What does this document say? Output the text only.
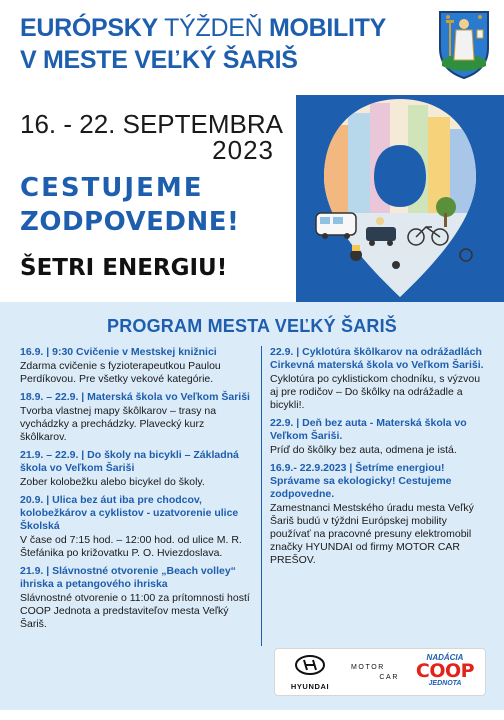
EURÓPSKY TÝŽDEŇ MOBILITY
V MESTE VEĽKÝ ŠARIŠ
16. - 22. SEPTEMBRA
2023
CESTUJEME
ZODPOVEDNE!
ŠETRI ENERGIU!
PROGRAM MESTA VEĽKÝ ŠARIŠ
16.9. | 9:30 Cvičenie v Mestskej knižnici
Zdarma cvičenie s fyzioterapeutkou Paulou Perdíkovou. Pre všetky vekové kategórie.
18.9. – 22.9. | Materská škola vo Veľkom Šariši
Tvorba vlastnej mapy škôlkarov – trasy na vychádzky a prechádzky. Plavecký kurz škôlkarov.
21.9. – 22.9. | Do školy na bicykli – Základná škola vo Veľkom Šariši
Zober kolobežku alebo bicykel do školy.
20.9. | Ulica bez áut iba pre chodcov, kolobežkárov a cyklistov - uzatvorenie ulice Školská
V čase od 7:15 hod. – 12:00 hod. od ulice M. R. Štefánika po križovatku P. O. Hviezdoslava.
21.9. | Slávnostné otvorenie „Beach volley“ ihriska a petangového ihriska
Slávnostné otvorenie o 11:00 za prítomnosti hostí COOP Jednota a predstaviteľov mesta Veľký Šariš.
22.9. | Cyklotúra škôlkarov na odrážadlách Cirkevná materská škola vo Veľkom Šariši.
Cyklotúra po cyklistickom chodníku, s výzvou aj pre rodičov – Do škôlky na odrážadle a bicykli!.
22.9. | Deň bez auta - Materská škola vo Veľkom Šariši.
Príď do škôlky bez auta, odmena je istá.
16.9.- 22.9.2023 | Šetríme energiou! Správame sa ekologicky! Cestujeme zodpovedne.
Zamestnanci Mestského úradu mesta Veľký Šariš budú v týždni Európskej mobility používať na pracovné presuny elektromobil značky HYUNDAI od firmy MOTOR CAR PREŠOV.
HYUNDAI
MOTOR
CAR
NADÁCIA
COOP
JEDNOTA
